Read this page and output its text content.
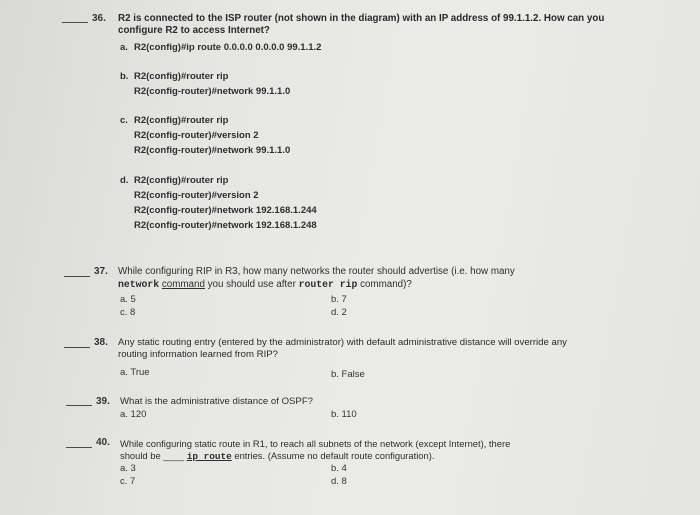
36. R2 is connected to the ISP router (not shown in the diagram) with an IP address of 99.1.1.2. How can you configure R2 to access Internet?
a. R2(config)#ip route 0.0.0.0 0.0.0.0 99.1.1.2
b. R2(config)#router rip
R2(config-router)#network 99.1.1.0
c. R2(config)#router rip
R2(config-router)#version 2
R2(config-router)#network 99.1.1.0
d. R2(config)#router rip
R2(config-router)#version 2
R2(config-router)#network 192.168.1.244
R2(config-router)#network 192.168.1.248
37. While configuring RIP in R3, how many networks the router should advertise (i.e. how many
network command you should use after router rip command)?
a. 5	b. 7
c. 8	d. 2
38. Any static routing entry (entered by the administrator) with default administrative distance will override any routing information learned from RIP?
a. True	b. False
39. What is the administrative distance of OSPF?
a. 120	b. 110
40. While configuring static route in R1, to reach all subnets of the network (except Internet), there
should be ____ ip route entries. (Assume no default route configuration).
a. 3	b. 4
c. 7	d. 8
